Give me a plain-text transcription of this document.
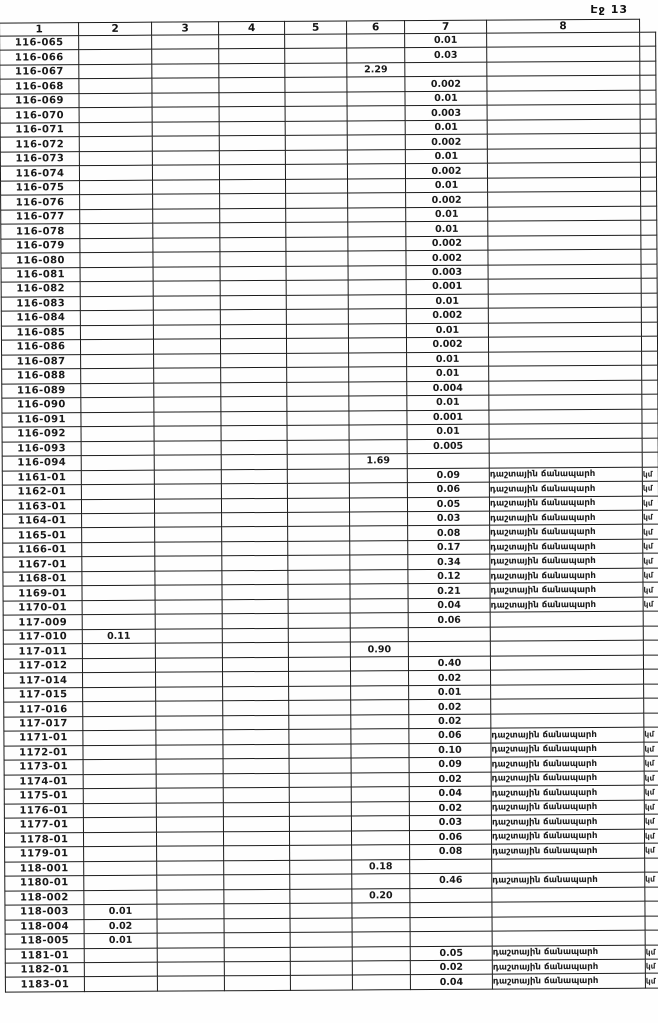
Էջ 13
1	2	3	4	5	6	7	8	
116-065						0.01		
116-066						0.03		
116-067					2.29			
116-068						0.002		
116-069						0.01		
116-070						0.003		
116-071						0.01		
116-072						0.002		
116-073						0.01		
116-074						0.002		
116-075						0.01		
116-076						0.002		
116-077						0.01		
116-078						0.01		
116-079						0.002		
116-080						0.002		
116-081						0.003		
116-082						0.001		
116-083						0.01		
116-084						0.002		
116-085						0.01		
116-086						0.002		
116-087						0.01		
116-088						0.01		
116-089						0.004		
116-090						0.01		
116-091						0.001		
116-092						0.01		
116-093						0.005		
116-094					1.69			
1161-01						0.09	դաշտային ճանապարհ	կմ
1162-01						0.06	դաշտային ճանապարհ	կմ
1163-01						0.05	դաշտային ճանապարհ	կմ
1164-01						0.03	դաշտային ճանապարհ	կմ
1165-01						0.08	դաշտային ճանապարհ	կմ
1166-01						0.17	դաշտային ճանապարհ	կմ
1167-01						0.34	դաշտային ճանապարհ	կմ
1168-01						0.12	դաշտային ճանապարհ	կմ
1169-01						0.21	դաշտային ճանապարհ	կմ
1170-01						0.04	դաշտային ճանապարհ	կմ
117-009						0.06		
117-010	0.11							
117-011					0.90			
117-012						0.40		
117-014						0.02		
117-015						0.01		
117-016						0.02		
117-017						0.02		
1171-01						0.06	դաշտային ճանապարհ	կմ
1172-01						0.10	դաշտային ճանապարհ	կմ
1173-01						0.09	դաշտային ճանապարհ	կմ
1174-01						0.02	դաշտային ճանապարհ	կմ
1175-01						0.04	դաշտային ճանապարհ	կմ
1176-01						0.02	դաշտային ճանապարհ	կմ
1177-01						0.03	դաշտային ճանապարհ	կմ
1178-01						0.06	դաշտային ճանապարհ	կմ
1179-01						0.08	դաշտային ճանապարհ	կմ
118-001					0.18			
1180-01						0.46	դաշտային ճանապարհ	կմ
118-002					0.20			
118-003	0.01							
118-004	0.02							
118-005	0.01							
1181-01						0.05	դաշտային ճանապարհ	կմ
1182-01						0.02	դաշտային ճանապարհ	կմ
1183-01						0.04	դաշտային ճանապարհ	կմ
